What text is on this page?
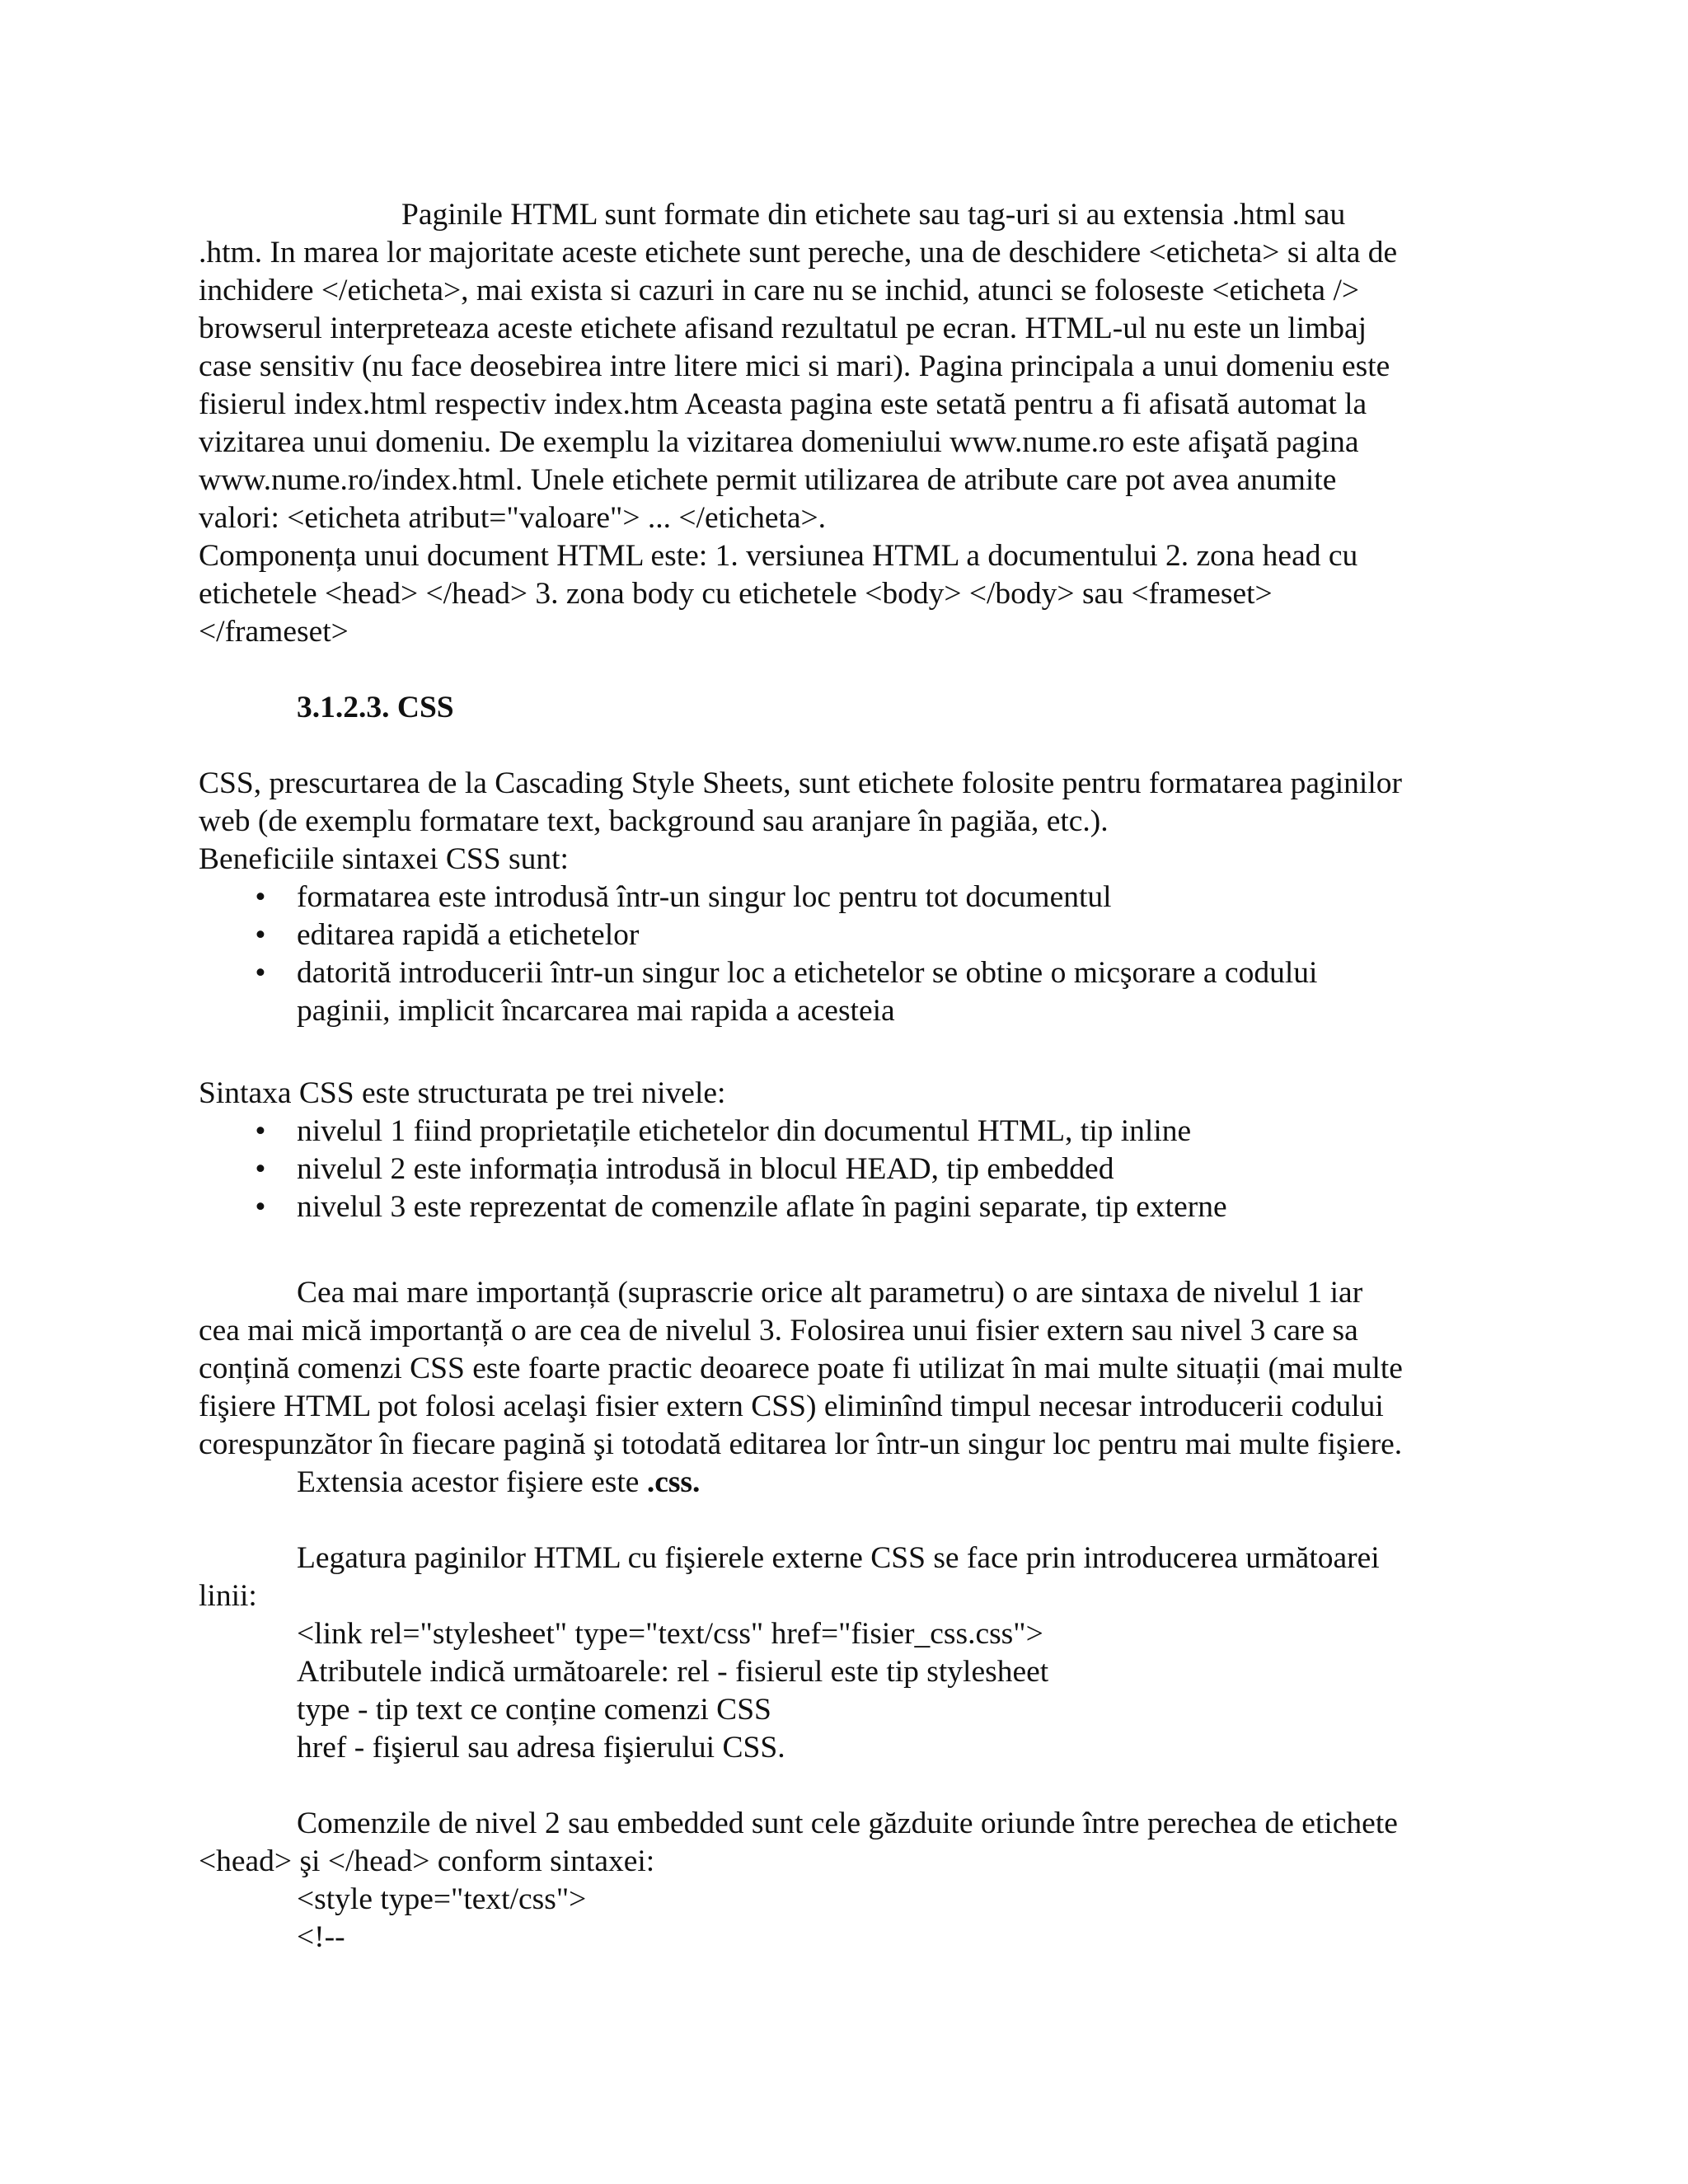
Paginile HTML sunt formate din etichete sau tag-uri si au extensia .html sau
.htm. In marea lor majoritate aceste etichete sunt pereche, una de deschidere <eticheta> si alta de
inchidere </eticheta>, mai exista si cazuri in care nu se inchid, atunci se foloseste <eticheta />
browserul interpreteaza aceste etichete afisand rezultatul pe ecran. HTML-ul nu este un limbaj
case sensitiv (nu face deosebirea intre litere mici si mari). Pagina principala a unui domeniu este
fisierul index.html respectiv index.htm Aceasta pagina este setată pentru a fi afisată automat la
vizitarea unui domeniu. De exemplu la vizitarea domeniului www.nume.ro este afişată pagina
www.nume.ro/index.html. Unele etichete permit utilizarea de atribute care pot avea anumite
valori: <eticheta atribut="valoare"> ... </eticheta>.
Componența unui document HTML este: 1. versiunea HTML a documentului 2. zona head cu
etichetele <head> </head> 3. zona body cu etichetele <body> </body> sau <frameset>
</frameset>
3.1.2.3. CSS
CSS, prescurtarea de la Cascading Style Sheets, sunt etichete folosite pentru formatarea paginilor
web (de exemplu formatare text, background sau aranjare în pagiăa, etc.).
Beneficiile sintaxei CSS sunt:
• formatarea este introdusă într-un singur loc pentru tot documentul
• editarea rapidă a etichetelor
• datorită introducerii într-un singur loc a etichetelor se obtine o micşorare a codului paginii, implicit încarcarea mai rapida a acesteia
Sintaxa CSS este structurata pe trei nivele:
• nivelul 1 fiind proprietațile etichetelor din documentul HTML, tip inline
• nivelul 2 este informația introdusă in blocul HEAD, tip embedded
• nivelul 3 este reprezentat de comenzile aflate în pagini separate, tip externe
Cea mai mare importanță (suprascrie orice alt parametru) o are sintaxa de nivelul 1 iar
cea mai mică importanță o are cea de nivelul 3. Folosirea unui fisier extern sau nivel 3 care sa
conțină comenzi CSS este foarte practic deoarece poate fi utilizat în mai multe situații (mai multe
fişiere HTML pot folosi acelaşi fisier extern CSS) eliminînd timpul necesar introducerii codului
corespunzător în fiecare pagină şi totodată editarea lor într-un singur loc pentru mai multe fişiere.
Extensia acestor fişiere este .css.
Legatura paginilor HTML cu fişierele externe CSS se face prin introducerea următoarei
linii:
<link rel="stylesheet" type="text/css" href="fisier_css.css">
Atributele indică următoarele: rel - fisierul este tip stylesheet
type - tip text ce conține comenzi CSS
href - fişierul sau adresa fişierului CSS.
Comenzile de nivel 2 sau embedded sunt cele găzduite oriunde între perechea de etichete
<head> şi </head> conform sintaxei:
<style type="text/css">
<!--
